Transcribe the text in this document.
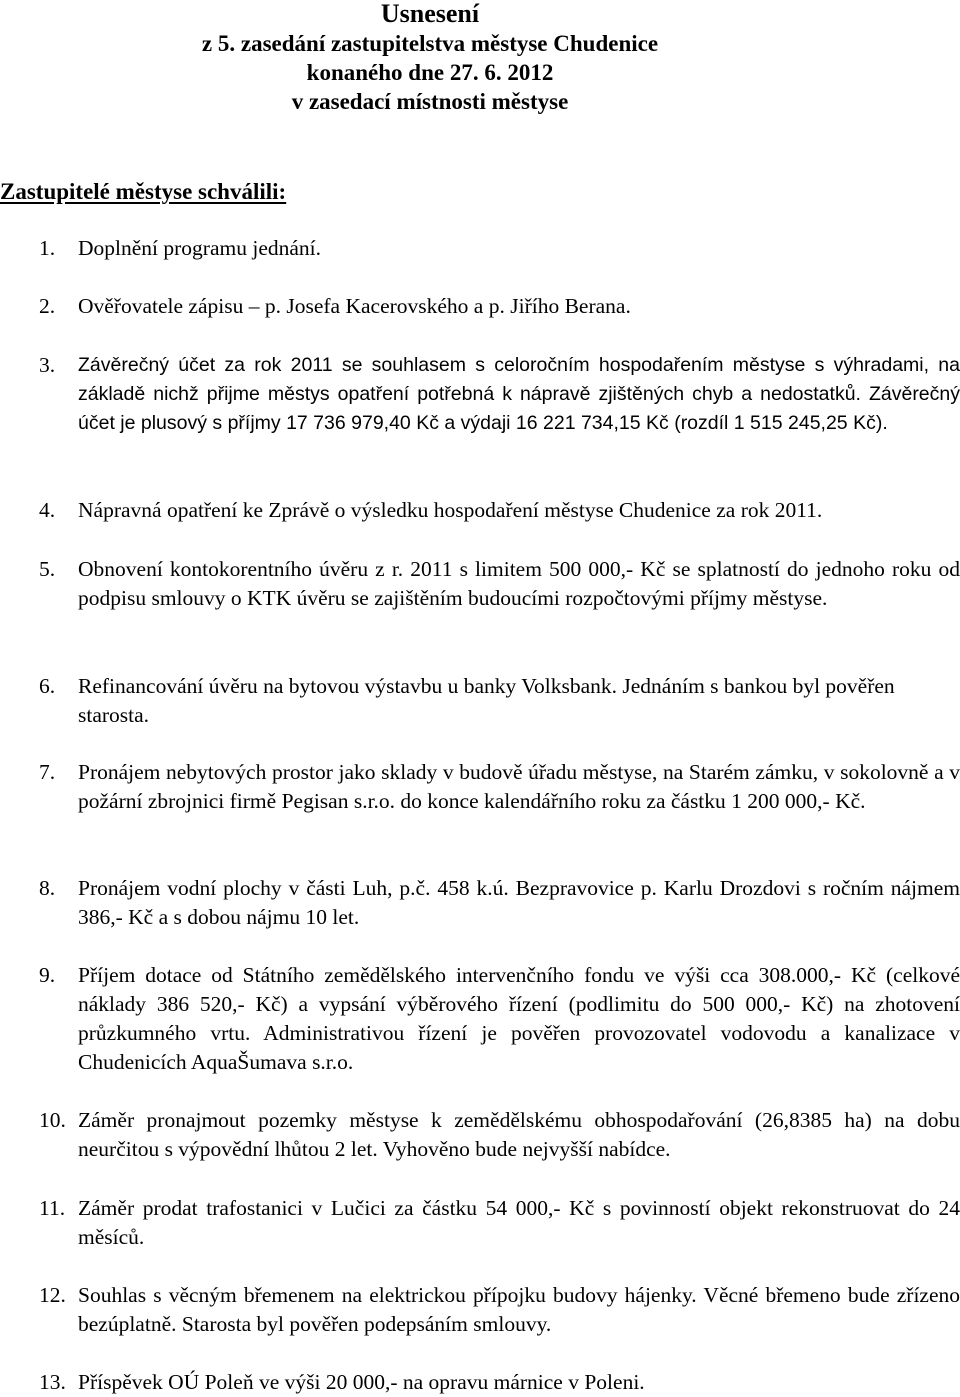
Usnesení
z 5. zasedání zastupitelstva městyse Chudenice
konaného dne 27. 6. 2012
v zasedací místnosti městyse
Zastupitelé městyse schválili:
1. Doplnění programu jednání.
2. Ověřovatele zápisu – p. Josefa Kacerovského a p. Jiřího Berana.
3. Závěrečný účet za rok 2011 se souhlasem s celoročním hospodařením městyse s výhradami, na základě nichž přijme městys opatření potřebná k nápravě zjištěných chyb a nedostatků. Závěrečný účet je plusový s příjmy 17 736 979,40 Kč a výdaji 16 221 734,15 Kč (rozdíl 1 515 245,25 Kč).
4. Nápravná opatření ke Zprávě o výsledku hospodaření městyse Chudenice za rok 2011.
5. Obnovení kontokorentního úvěru z r. 2011 s limitem 500 000,- Kč se splatností do jednoho roku od podpisu smlouvy o KTK úvěru se zajištěním budoucími rozpočtovými příjmy městyse.
6. Refinancování úvěru na bytovou výstavbu u banky Volksbank. Jednáním s bankou byl pověřen starosta.
7. Pronájem nebytových prostor jako sklady v budově úřadu městyse, na Starém zámku, v sokolovně a v požární zbrojnici firmě Pegisan s.r.o. do konce kalendářního roku za částku 1 200 000,- Kč.
8. Pronájem vodní plochy v části Luh, p.č. 458 k.ú. Bezpravovice p. Karlu Drozdovi s ročním nájmem 386,- Kč a s dobou nájmu 10 let.
9. Příjem dotace od Státního zemědělského intervenčního fondu ve výši cca 308.000,- Kč (celkové náklady 386 520,- Kč) a vypsání výběrového řízení (podlimitu do 500 000,- Kč) na zhotovení průzkumného vrtu. Administrativou řízení je pověřen provozovatel vodovodu a kanalizace v Chudenicích AquaŠumava s.r.o.
10. Záměr pronajmout pozemky městyse k zemědělskému obhospodařování (26,8385 ha) na dobu neurčitou s výpovědní lhůtou 2 let. Vyhověno bude nejvyšší nabídce.
11. Záměr prodat trafostanici v Lučici za částku 54 000,- Kč s povinností objekt rekonstruovat do 24 měsíců.
12. Souhlas s věcným břemenem na elektrickou přípojku budovy hájenky. Věcné břemeno bude zřízeno bezúplatně. Starosta byl pověřen podepsáním smlouvy.
13. Příspěvek OÚ Poleň ve výši 20 000,- na opravu márnice v Poleni.
